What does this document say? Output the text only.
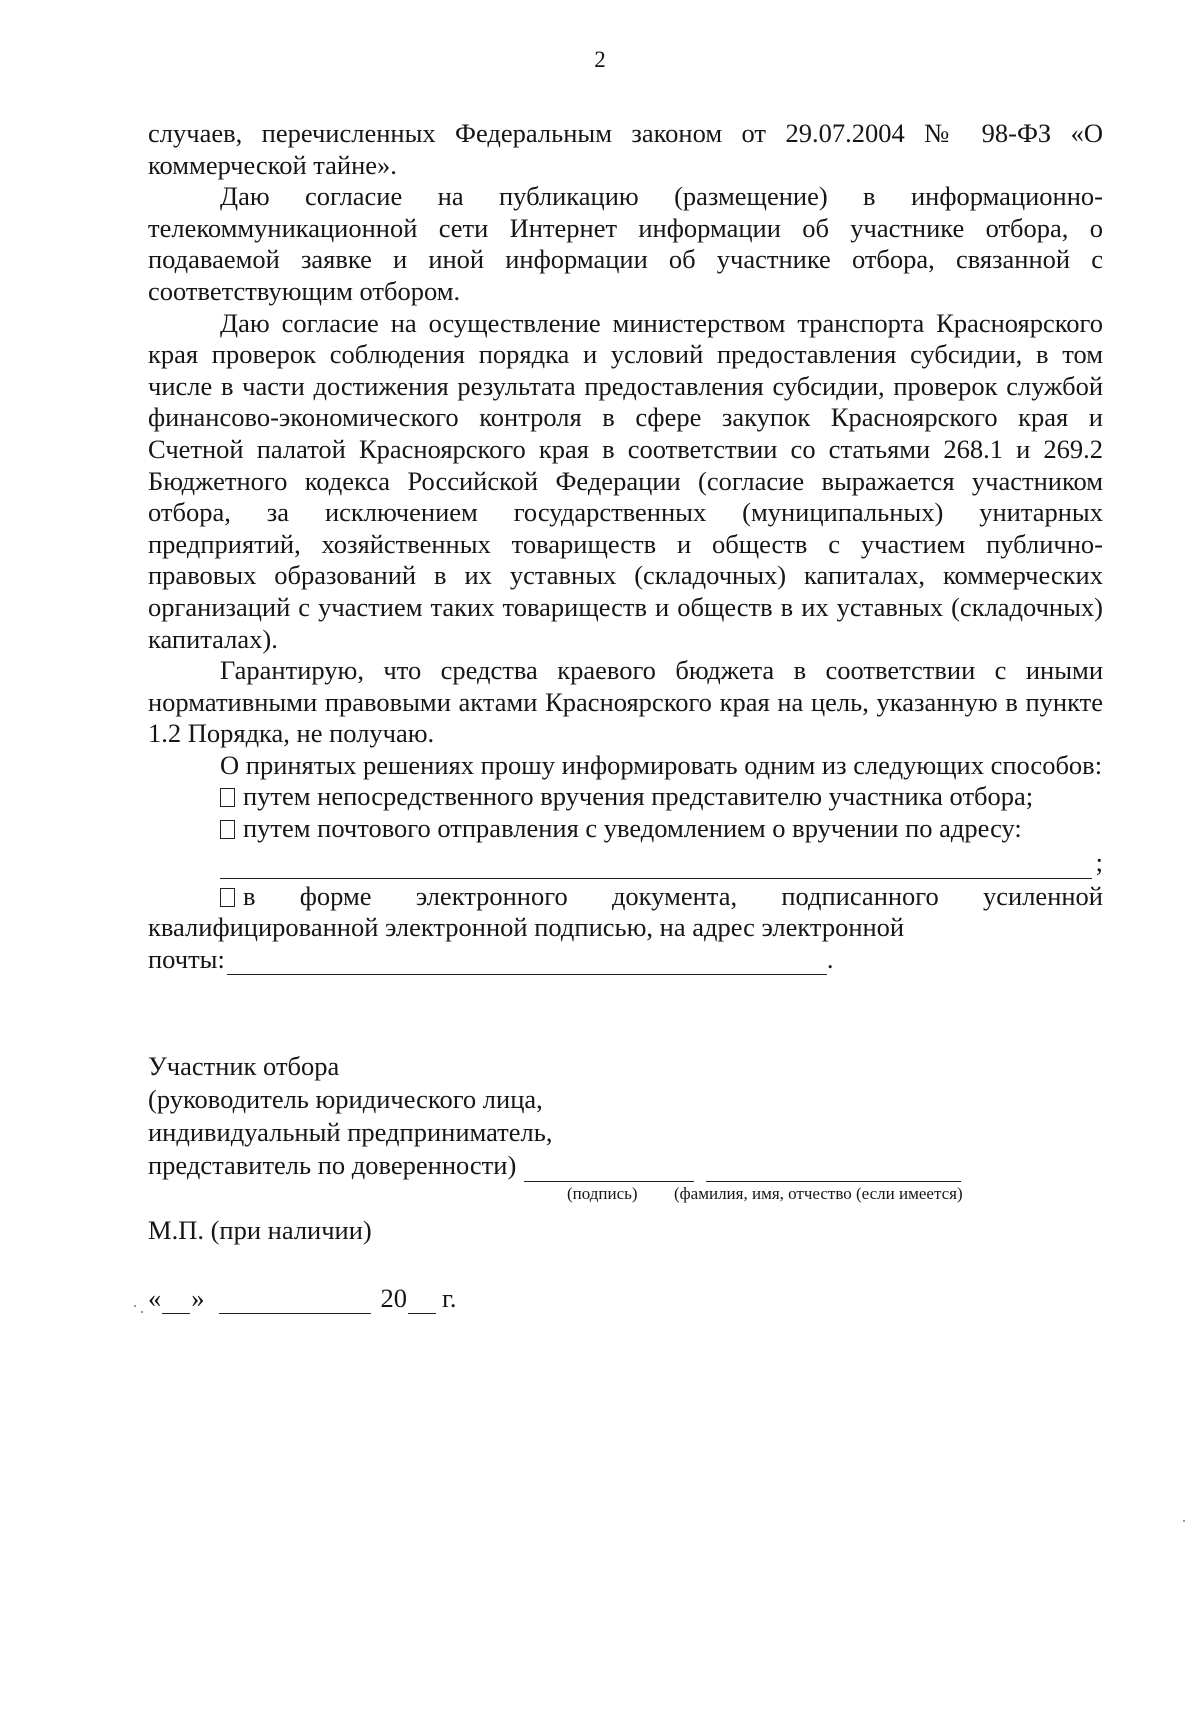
2

случаев, перечисленных Федеральным законом от 29.07.2004 № 98-ФЗ «О коммерческой тайне».

Даю согласие на публикацию (размещение) в информационно-телекоммуникационной сети Интернет информации об участнике отбора, о подаваемой заявке и иной информации об участнике отбора, связанной с соответствующим отбором.

Даю согласие на осуществление министерством транспорта Красноярского края проверок соблюдения порядка и условий предоставления субсидии, в том числе в части достижения результата предоставления субсидии, проверок службой финансово-экономического контроля в сфере закупок Красноярского края и Счетной палатой Красноярского края в соответствии со статьями 268.1 и 269.2 Бюджетного кодекса Российской Федерации (согласие выражается участником отбора, за исключением государственных (муниципальных) унитарных предприятий, хозяйственных товариществ и обществ с участием публично-правовых образований в их уставных (складочных) капиталах, коммерческих организаций с участием таких товариществ и обществ в их уставных (складочных) капиталах).

Гарантирую, что средства краевого бюджета в соответствии с иными нормативными правовыми актами Красноярского края на цель, указанную в пункте 1.2 Порядка, не получаю.

О принятых решениях прошу информировать одним из следующих способов:

путем непосредственного вручения представителю участника отбора;

путем почтового отправления с уведомлением о вручении по адресу:

;

в форме электронного документа, подписанного усиленной квалифицированной электронной подписью, на адрес электронной

почты:	.
Участник отбора
(руководитель юридического лица,
индивидуальный предприниматель,
представитель по доверенности)
(подпись) (фамилия, имя, отчество (если имеется)
М.П. (при наличии)
« »	20 г.
